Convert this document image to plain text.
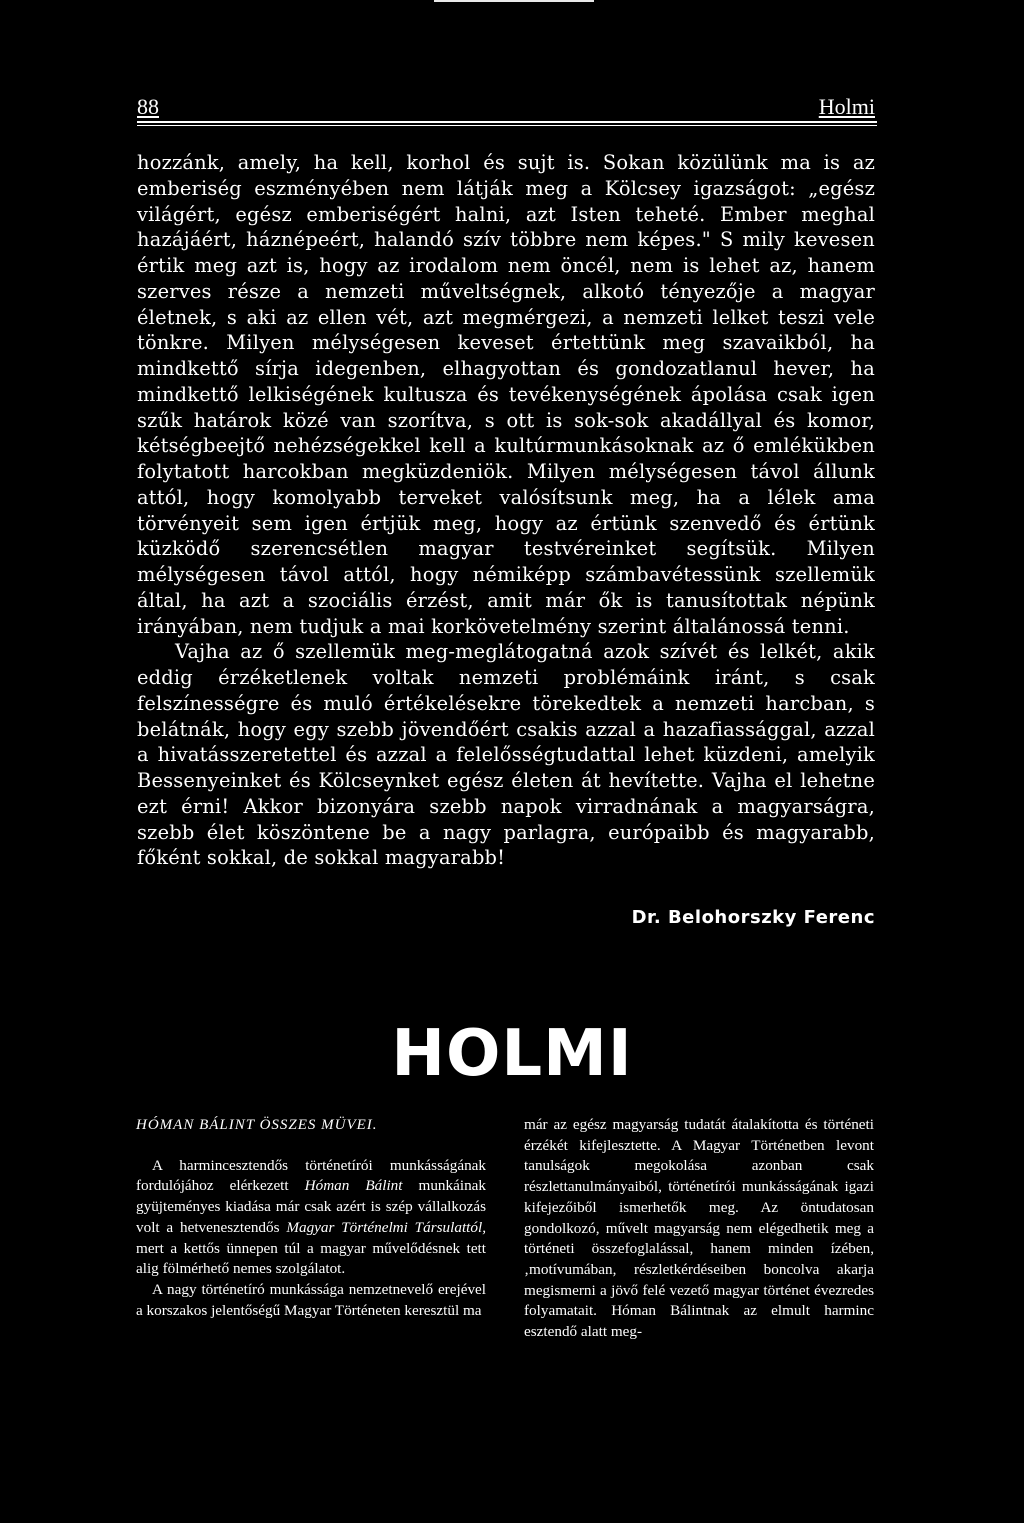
88	Holmi

hozzánk, amely, ha kell, korhol és sujt is. Sokan közülünk ma is az emberiség eszményében nem látják meg a Kölcsey igazságot: „egész világért, egész emberiségért halni, azt Isten teheté. Ember meghal hazájáért, háznépeért, halandó szív többre nem képes." S mily kevesen értik meg azt is, hogy az irodalom nem öncél, nem is lehet az, hanem szerves része a nemzeti műveltségnek, alkotó tényezője a magyar életnek, s aki az ellen vét, azt megmérgezi, a nemzeti lelket teszi vele tönkre. Milyen mélységesen keveset értettünk meg szavaikból, ha mindkettő sírja idegenben, elhagyottan és gondozatlanul hever, ha mindkettő lelkiségének kultusza és tevékenységének ápolása csak igen szűk határok közé van szorítva, s ott is sok-sok akadállyal és komor, kétségbeejtő nehézségekkel kell a kultúrmunkásoknak az ő emlékükben folytatott harcokban megküzdeniök. Milyen mélységesen távol állunk attól, hogy komolyabb terveket valósítsunk meg, ha a lélek ama törvényeit sem igen értjük meg, hogy az értünk szenvedő és értünk küzködő szerencsétlen magyar testvéreinket segítsük. Milyen mélységesen távol attól, hogy némiképp számbavétessünk szellemük által, ha azt a szociális érzést, amit már ők is tanusítottak népünk irányában, nem tudjuk a mai korkövetelmény szerint általánossá tenni.

Vajha az ő szellemük meg-meglátogatná azok szívét és lelkét, akik eddig érzéketlenek voltak nemzeti problémáink iránt, s csak felszínességre és muló értékelésekre törekedtek a nemzeti harcban, s belátnák, hogy egy szebb jövendőért csakis azzal a hazafiassággal, azzal a hivatásszeretettel és azzal a felelősségtudattal lehet küzdeni, amelyik Bessenyeinket és Kölcseynket egész életen át hevítette. Vajha el lehetne ezt érni! Akkor bizonyára szebb napok virradnának a magyarságra, szebb élet köszöntene be a nagy parlagra, európaibb és magyarabb, főként sokkal, de sokkal magyarabb!

Dr. Belohorszky Ferenc
HOLMI

HÓMAN BÁLINT ÖSSZES MÜVEI.

A harmincesztendős történetírói munkásságának fordulójához elérkezett Hóman Bálint munkáinak gyüjteményes kiadása már csak azért is szép vállalkozás volt a hetvenesztendős Magyar Történelmi Társulattól, mert a kettős ünnepen túl a magyar művelődésnek tett alig fölmérhető nemes szolgálatot.

A nagy történetíró munkássága nemzetnevelő erejével a korszakos jelentőségű Magyar Történeten keresztül ma

már az egész magyarság tudatát átalakította és történeti érzékét kifejlesztette. A Magyar Történetben levont tanulságok megokolása azonban csak részlettanulmányaiból, történetírói munkásságának igazi kifejezőiből ismerhetők meg. Az öntudatosan gondolkozó, művelt magyarság nem elégedhetik meg a történeti összefoglalással, hanem minden ízében, ‚motívumában, részletkérdéseiben boncolva akarja megismerni a jövő felé vezető magyar történet évezredes folyamatait. Hóman Bálintnak az elmult harminc esztendő alatt meg-
